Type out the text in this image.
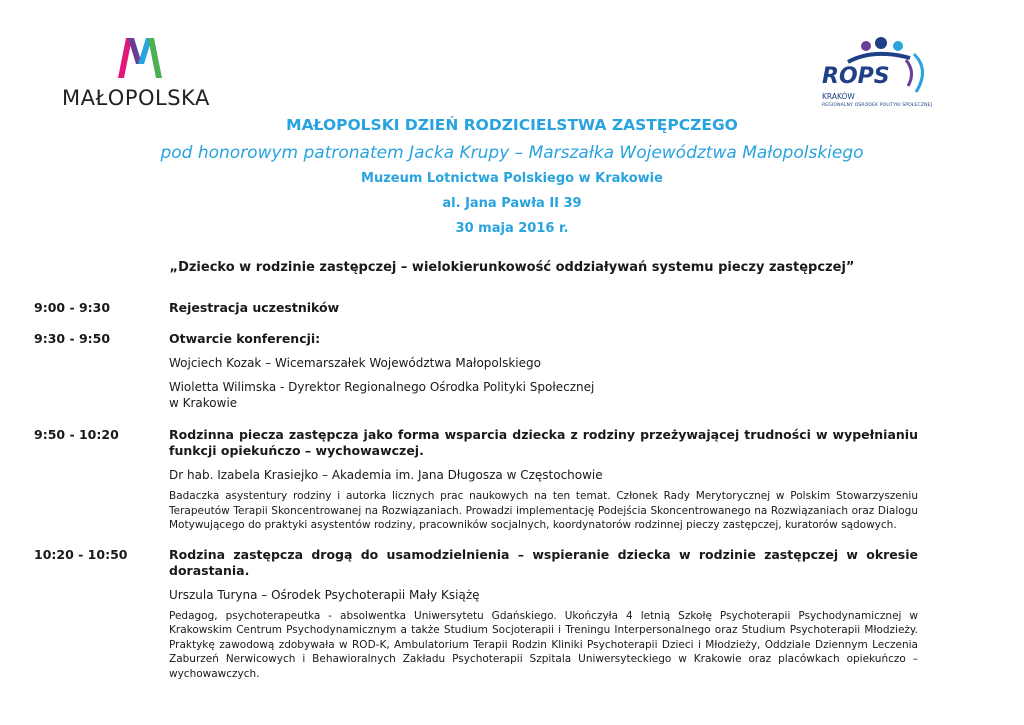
MAŁOPOLSKA
ROPS
KRAKÓW
REGIONALNY OŚRODEK POLITYKI SPOŁECZNEJ
MAŁOPOLSKI DZIEŃ RODZICIELSTWA ZASTĘPCZEGO
pod honorowym patronatem Jacka Krupy – Marszałka Województwa Małopolskiego
Muzeum Lotnictwa Polskiego w Krakowie
al. Jana Pawła II 39
30 maja 2016 r.
„Dziecko w rodzinie zastępczej – wielokierunkowość oddziaływań systemu pieczy zastępczej”
9:00 - 9:30	Rejestracja uczestników
9:30 - 9:50	Otwarcie konferencji:
Wojciech Kozak – Wicemarszałek Województwa Małopolskiego
Wioletta Wilimska - Dyrektor Regionalnego Ośrodka Polityki Społecznej
w Krakowie
9:50 - 10:20	Rodzinna piecza zastępcza jako forma wsparcia dziecka z rodziny przeżywającej trudności w wypełnianiu funkcji opiekuńczo – wychowawczej.
Dr hab. Izabela Krasiejko – Akademia im. Jana Długosza w Częstochowie
Badaczka asystentury rodziny i autorka licznych prac naukowych na ten temat. Członek Rady Merytorycznej w Polskim Stowarzyszeniu Terapeutów Terapii Skoncentrowanej na Rozwiązaniach. Prowadzi implementację Podejścia Skoncentrowanego na Rozwiązaniach oraz Dialogu Motywującego do praktyki asystentów rodziny, pracowników socjalnych, koordynatorów rodzinnej pieczy zastępczej, kuratorów sądowych.
10:20 - 10:50	Rodzina zastępcza drogą do usamodzielnienia – wspieranie dziecka w rodzinie zastępczej w okresie dorastania.
Urszula Turyna – Ośrodek Psychoterapii Mały Książę
Pedagog, psychoterapeutka - absolwentka Uniwersytetu Gdańskiego. Ukończyła 4 letnią Szkołę Psychoterapii Psychodynamicznej w Krakowskim Centrum Psychodynamicznym a także Studium Socjoterapii i Treningu Interpersonalnego oraz Studium Psychoterapii Młodzieży. Praktykę zawodową zdobywała w ROD-K, Ambulatorium Terapii Rodzin Kliniki Psychoterapii Dzieci i Młodzieży, Oddziale Dziennym Leczenia Zaburzeń Nerwicowych i Behawioralnych Zakładu Psychoterapii Szpitala Uniwersyteckiego w Krakowie oraz placówkach opiekuńczo – wychowawczych.
